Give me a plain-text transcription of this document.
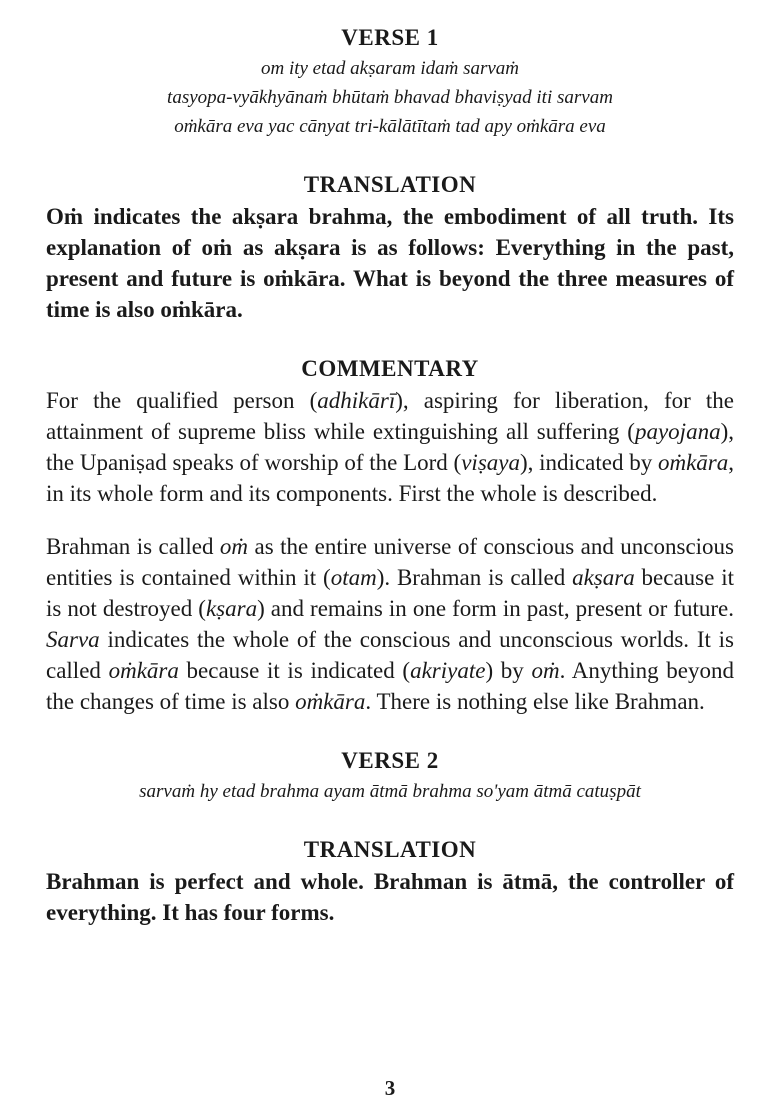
VERSE 1
om ity etad akṣaram idaṁ sarvaṁ
tasyopa-vyākhyānaṁ bhūtaṁ bhavad bhaviṣyad iti sarvam
oṁkāra eva yac cānyat tri-kālātītaṁ tad apy oṁkāra eva
TRANSLATION

Oṁ indicates the akṣara brahma, the embodiment of all truth. Its explanation of oṁ as akṣara is as follows: Everything in the past, present and future is oṁkāra. What is beyond the three measures of time is also oṁkāra.

COMMENTARY

For the qualified person (adhikārī), aspiring for liberation, for the attainment of supreme bliss while extinguishing all suffering (payojana), the Upaniṣad speaks of worship of the Lord (viṣaya), indicated by oṁkāra, in its whole form and its components. First the whole is described.

Brahman is called oṁ as the entire universe of conscious and unconscious entities is contained within it (otam). Brahman is called akṣara because it is not destroyed (kṣara) and remains in one form in past, present or future. Sarva indicates the whole of the conscious and unconscious worlds. It is called oṁkāra because it is indicated (akriyate) by oṁ. Anything beyond the changes of time is also oṁkāra. There is nothing else like Brahman.

VERSE 2
sarvaṁ hy etad brahma ayam ātmā brahma so'yam ātmā catuṣpāt
TRANSLATION

Brahman is perfect and whole. Brahman is ātmā, the controller of everything. It has four forms.

3
